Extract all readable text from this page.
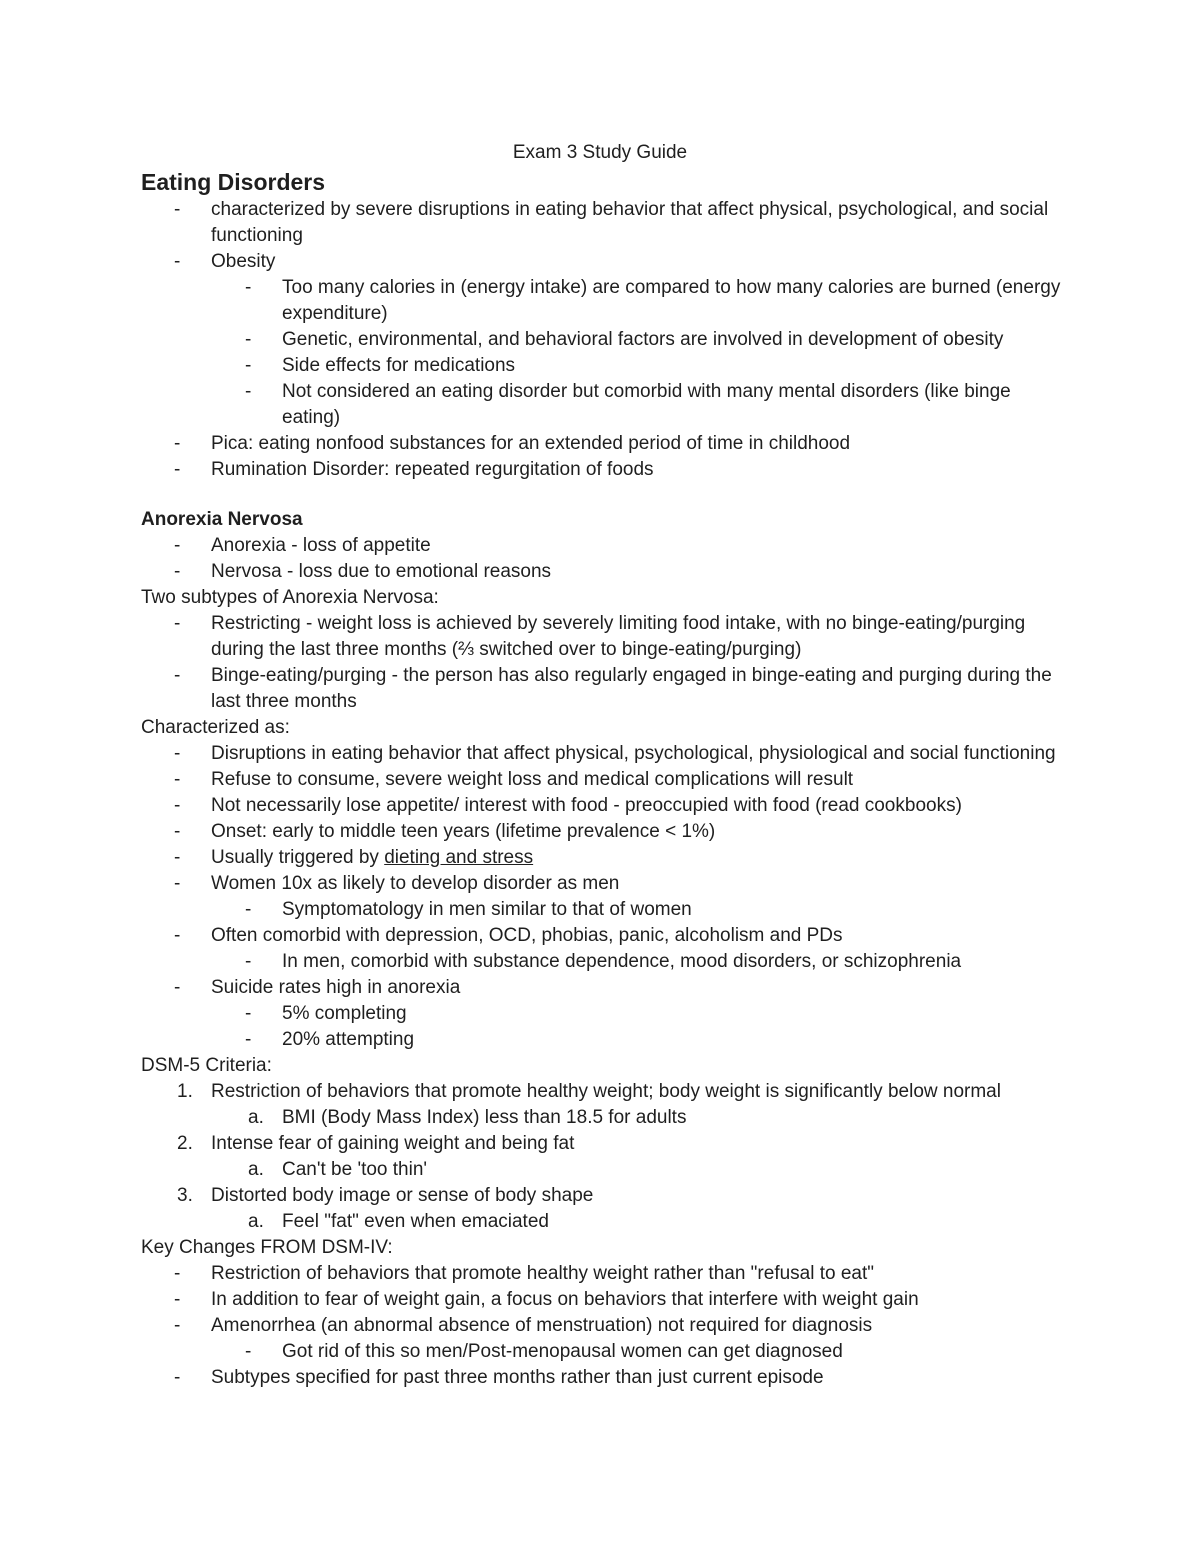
Exam 3 Study Guide
Eating Disorders
-	characterized by severe disruptions in eating behavior that affect physical, psychological, and social functioning
-	Obesity
-	Too many calories in (energy intake) are compared to how many calories are burned (energy expenditure)
-	Genetic, environmental, and behavioral factors are involved in development of obesity
-	Side effects for medications
-	Not considered an eating disorder but comorbid with many mental disorders (like binge eating)
-	Pica: eating nonfood substances for an extended period of time in childhood
-	Rumination Disorder: repeated regurgitation of foods
Anorexia Nervosa
-	Anorexia - loss of appetite
-	Nervosa - loss due to emotional reasons
Two subtypes of Anorexia Nervosa:
-	Restricting - weight loss is achieved by severely limiting food intake, with no binge-eating/purging during the last three months (⅔ switched over to binge-eating/purging)
-	Binge-eating/purging - the person has also regularly engaged in binge-eating and purging during the last three months
Characterized as:
-	Disruptions in eating behavior that affect physical, psychological, physiological and social functioning
-	Refuse to consume, severe weight loss and medical complications will result
-	Not necessarily lose appetite/ interest with food - preoccupied with food (read cookbooks)
-	Onset: early to middle teen years (lifetime prevalence < 1%)
-	Usually triggered by dieting and stress
-	Women 10x as likely to develop disorder as men
-	Symptomatology in men similar to that of women
-	Often comorbid with depression, OCD, phobias, panic, alcoholism and PDs
-	In men, comorbid with substance dependence, mood disorders, or schizophrenia
-	Suicide rates high in anorexia
-	5% completing
-	20% attempting
DSM-5 Criteria:
1. Restriction of behaviors that promote healthy weight; body weight is significantly below normal
a. BMI (Body Mass Index) less than 18.5 for adults
2. Intense fear of gaining weight and being fat
a. Can't be 'too thin'
3. Distorted body image or sense of body shape
a. Feel "fat" even when emaciated
Key Changes FROM DSM-IV:
-	Restriction of behaviors that promote healthy weight rather than "refusal to eat"
-	In addition to fear of weight gain, a focus on behaviors that interfere with weight gain
-	Amenorrhea (an abnormal absence of menstruation) not required for diagnosis
-	Got rid of this so men/Post-menopausal women can get diagnosed
-	Subtypes specified for past three months rather than just current episode
